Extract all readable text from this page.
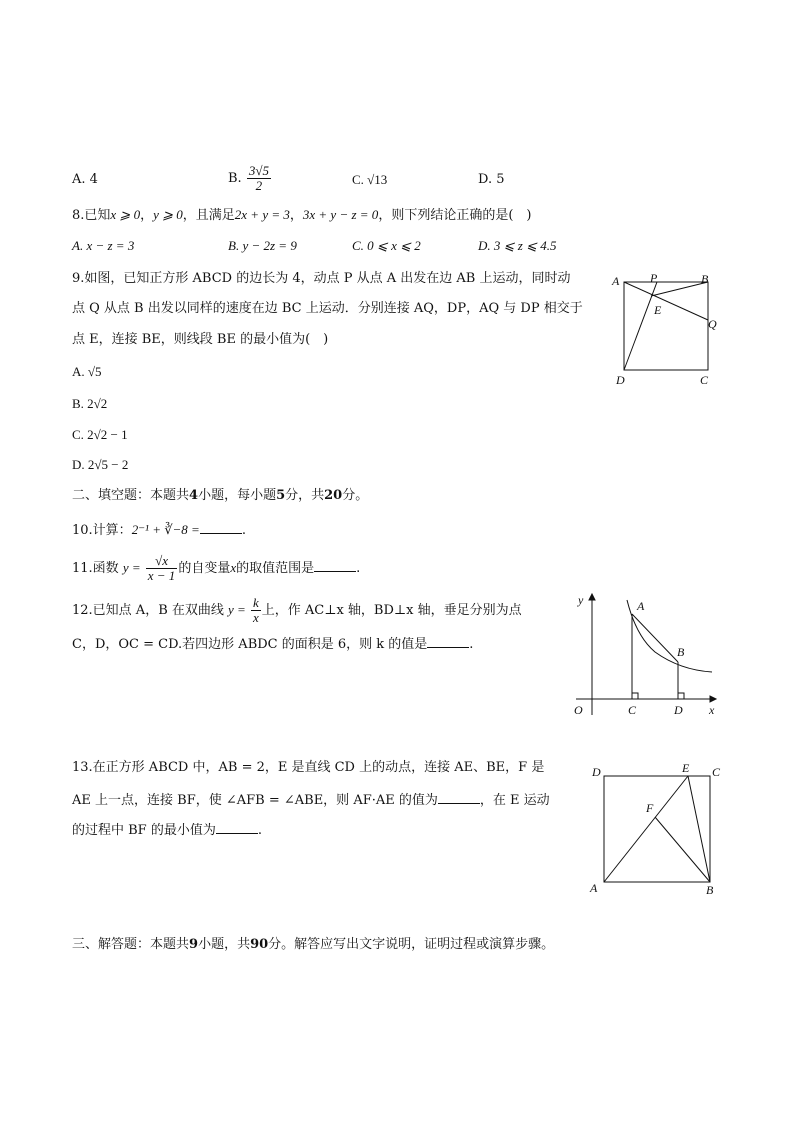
A. 4	B. $\frac{3√5}{2}$	C. √13	D. 5
8.已知x ⩾ 0，y ⩾ 0，且满足2x + y = 3，3x + y − z = 0，则下列结论正确的是(　)
A. x − z = 3	B. y − 2z = 9	C. 0 ⩽ x ⩽ 2	D. 3 ⩽ z ⩽ 4.5
9.如图，已知正方形 ABCD 的边长为 4，动点 P 从点 A 出发在边 AB 上运动，同时动
点 Q 从点 B 出发以同样的速度在边 BC 上运动．分别连接 AQ，DP，AQ 与 DP 相交于
点 E，连接 BE，则线段 BE 的最小值为(　)
A. √5
B. 2√2
C. 2√2 − 1
D. 2√5 − 2
A	P	B
E
Q
D	C
二、填空题：本题共4小题，每小题5分，共20分。
10.计算：2⁻¹ + ∛−8 =	.
11.函数 $y = \frac{√x}{x - 1}$ 的自变量x的取值范围是	.
12.已知点 A，B 在双曲线 $y = \frac{k}{x}$ 上，作 AC⊥x 轴，BD⊥x 轴，垂足分别为点
C，D，OC = CD.若四边形 ABDC 的面积是 6，则 k 的值是	.
y	A
B
O	C	D x
13.在正方形 ABCD 中，AB = 2，E 是直线 CD 上的动点，连接 AE、BE，F 是
AE 上一点，连接 BF，使 ∠AFB = ∠ABE，则 AF·AE 的值为	，在 E 运动
的过程中 BF 的最小值为	.
D	E C
F
A	B
三、解答题：本题共9小题，共90分。解答应写出文字说明，证明过程或演算步骤。
